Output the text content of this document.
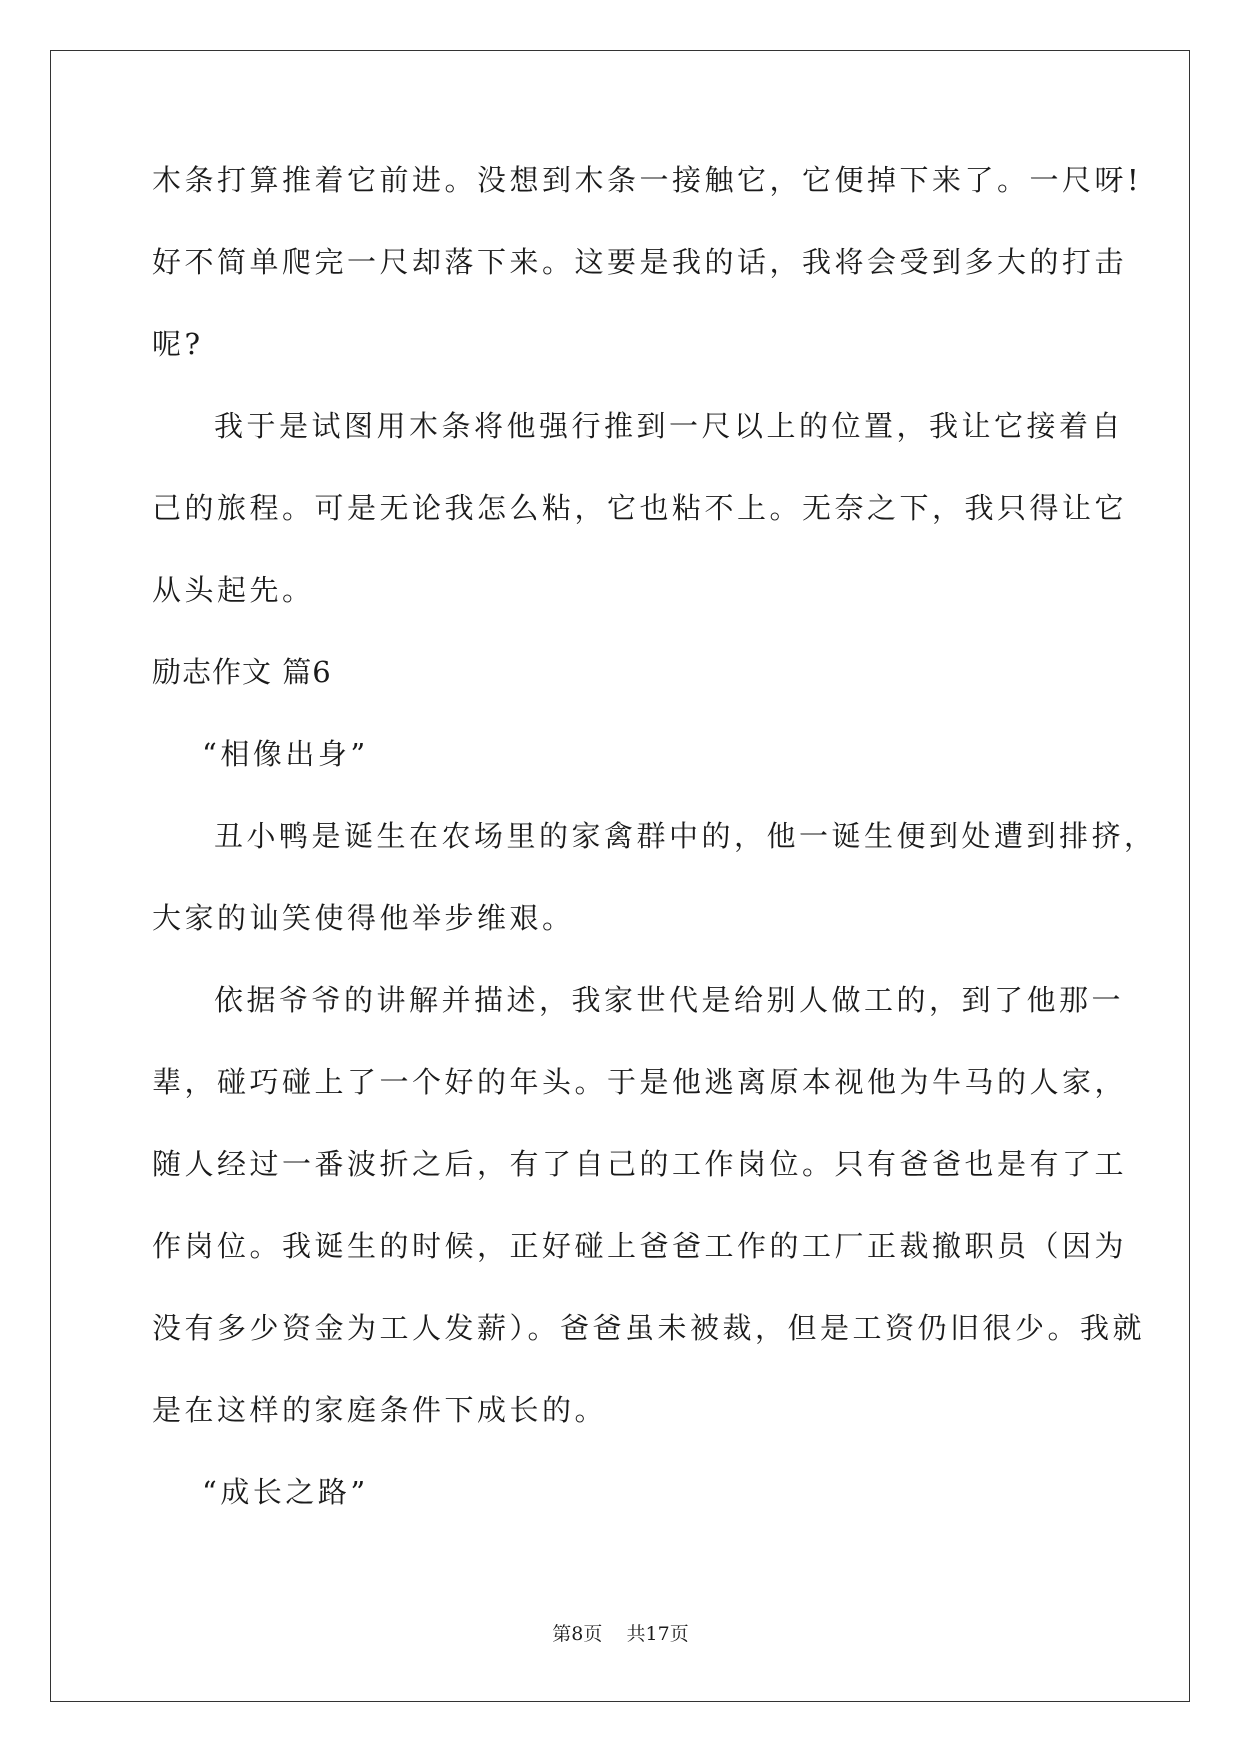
木条打算推着它前进。没想到木条一接触它，它便掉下来了。一尺呀!
好不简单爬完一尺却落下来。这要是我的话，我将会受到多大的打击
呢?
我于是试图用木条将他强行推到一尺以上的位置，我让它接着自
己的旅程。可是无论我怎么粘，它也粘不上。无奈之下，我只得让它
从头起先。
励志作文 篇6
“相像出身”
丑小鸭是诞生在农场里的家禽群中的，他一诞生便到处遭到排挤，
大家的讪笑使得他举步维艰。
依据爷爷的讲解并描述，我家世代是给别人做工的，到了他那一
辈，碰巧碰上了一个好的年头。于是他逃离原本视他为牛马的人家，
随人经过一番波折之后，有了自己的工作岗位。只有爸爸也是有了工
作岗位。我诞生的时候，正好碰上爸爸工作的工厂正裁撤职员（因为
没有多少资金为工人发薪）。爸爸虽未被裁，但是工资仍旧很少。我就
是在这样的家庭条件下成长的。
“成长之路”
第8页    共17页
